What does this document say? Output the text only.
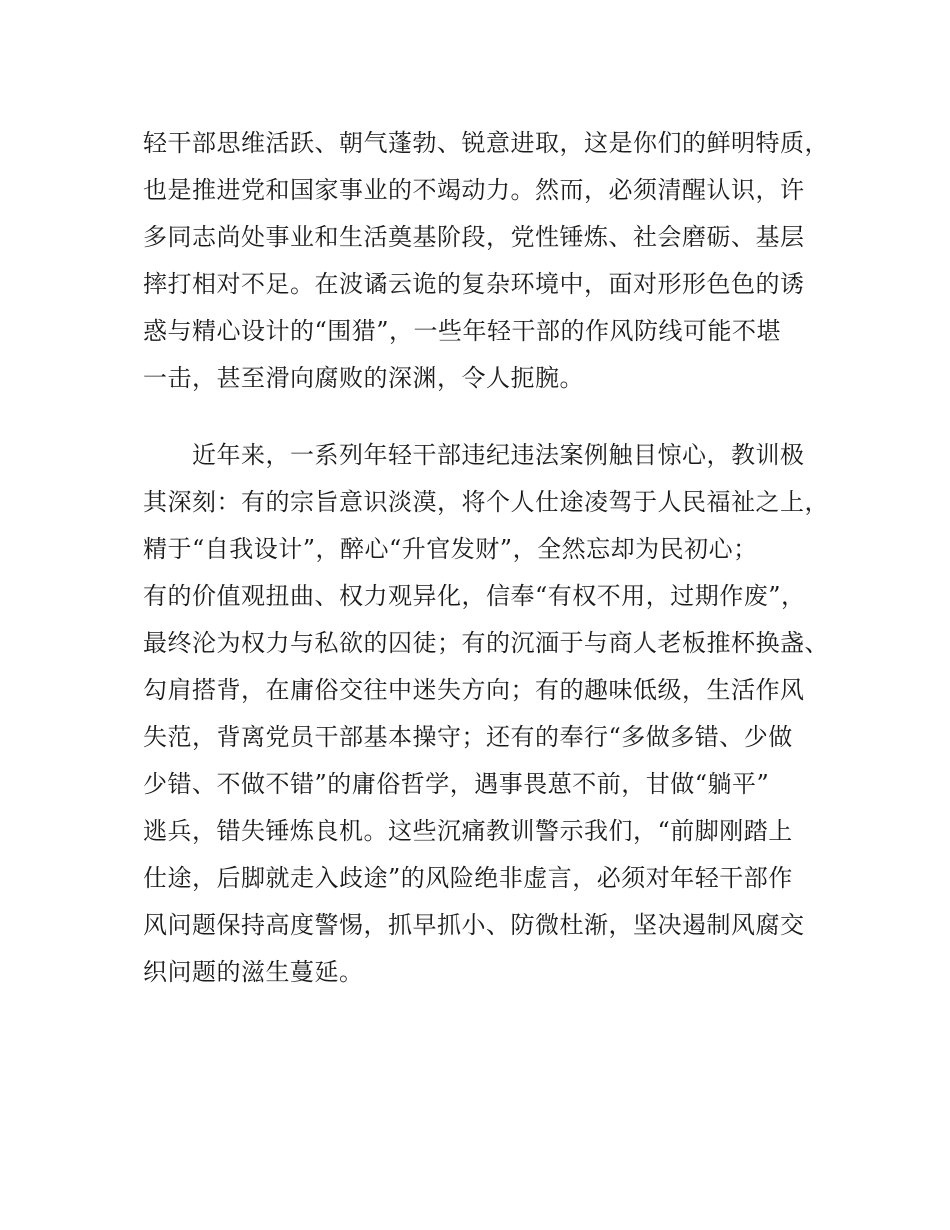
轻干部思维活跃、朝气蓬勃、锐意进取，这是你们的鲜明特质，
也是推进党和国家事业的不竭动力。然而，必须清醒认识，许
多同志尚处事业和生活奠基阶段，党性锤炼、社会磨砺、基层
摔打相对不足。在波谲云诡的复杂环境中，面对形形色色的诱
惑与精心设计的“围猎”，一些年轻干部的作风防线可能不堪
一击，甚至滑向腐败的深渊，令人扼腕。
　　近年来，一系列年轻干部违纪违法案例触目惊心，教训极
其深刻：有的宗旨意识淡漠，将个人仕途凌驾于人民福祉之上，
精于“自我设计”，醉心“升官发财”，全然忘却为民初心；
有的价值观扭曲、权力观异化，信奉“有权不用，过期作废”，
最终沦为权力与私欲的囚徒；有的沉湎于与商人老板推杯换盏、
勾肩搭背，在庸俗交往中迷失方向；有的趣味低级，生活作风
失范，背离党员干部基本操守；还有的奉行“多做多错、少做
少错、不做不错”的庸俗哲学，遇事畏葸不前，甘做“躺平”
逃兵，错失锤炼良机。这些沉痛教训警示我们，“前脚刚踏上
仕途，后脚就走入歧途”的风险绝非虚言，必须对年轻干部作
风问题保持高度警惕，抓早抓小、防微杜渐，坚决遏制风腐交
织问题的滋生蔓延。
